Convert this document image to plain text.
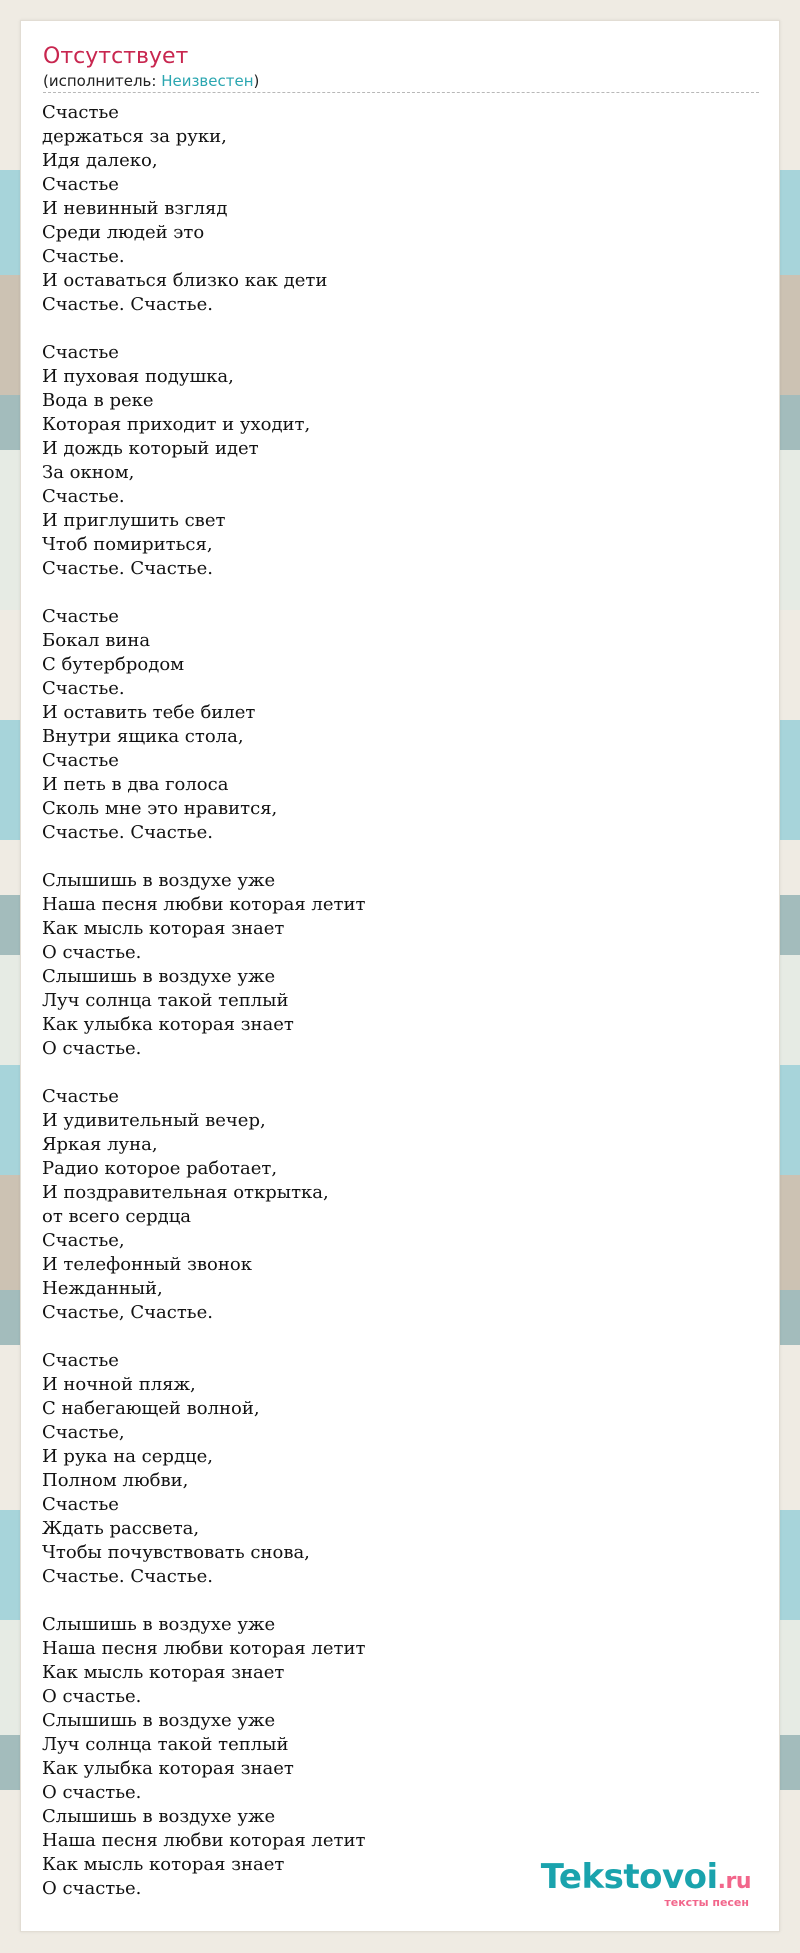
Отсутствует
(исполнитель: Неизвестен)
Счастье
держаться за руки,
Идя далеко,
Счастье
И невинный взгляд
Среди людей это
Счастье.
И оставаться близко как дети
Счастье. Счастье.
Счастье
И пуховая подушка,
Вода в реке
Которая приходит и уходит,
И дождь который идет
За окном,
Счастье.
И приглушить свет
Чтоб помириться,
Счастье. Счастье.
Счастье
Бокал вина
С бутербродом
Счастье.
И оставить тебе билет
Внутри ящика стола,
Счастье
И петь в два голоса
Сколь мне это нравится,
Счастье. Счастье.
Слышишь в воздухе уже
Наша песня любви которая летит
Как мысль которая знает
О счастье.
Слышишь в воздухе уже
Луч солнца такой теплый
Как улыбка которая знает
О счастье.
Счастье
И удивительный вечер,
Яркая луна,
Радио которое работает,
И поздравительная открытка,
от всего сердца
Счастье,
И телефонный звонок
Нежданный,
Счастье, Счастье.
Счастье
И ночной пляж,
С набегающей волной,
Счастье,
И рука на сердце,
Полном любви,
Счастье
Ждать рассвета,
Чтобы почувствовать снова,
Счастье. Счастье.
Слышишь в воздухе уже
Наша песня любви которая летит
Как мысль которая знает
О счастье.
Слышишь в воздухе уже
Луч солнца такой теплый
Как улыбка которая знает
О счастье.
Слышишь в воздухе уже
Наша песня любви которая летит
Как мысль которая знает
О счастье.	Tekstovoi.ru
тексты песен
